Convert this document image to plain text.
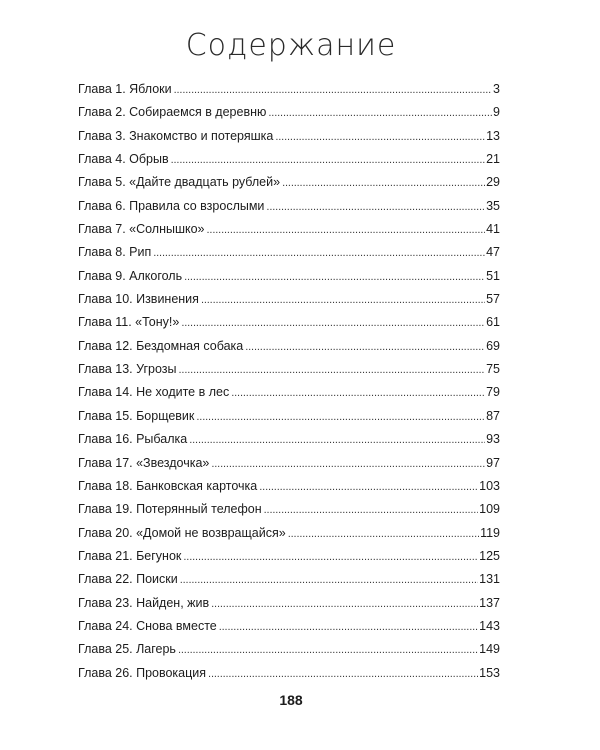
Содержание
Глава 1. Яблоки . . .	3
Глава 2. Собираемся в деревню . . .	9
Глава 3. Знакомство и потеряшка . . .	13
Глава 4. Обрыв . . .	21
Глава 5. «Дайте двадцать рублей» . . .	29
Глава 6. Правила со взрослыми . . .	35
Глава 7. «Солнышко» . . .	41
Глава 8. Рип . . .	47
Глава 9. Алкоголь . . .	51
Глава 10. Извинения . . .	57
Глава 11. «Тону!» . . .	61
Глава 12. Бездомная собака . . .	69
Глава 13. Угрозы . . .	75
Глава 14. Не ходите в лес . . .	79
Глава 15. Борщевик . . .	87
Глава 16. Рыбалка . . .	93
Глава 17. «Звездочка» . . .	97
Глава 18. Банковская карточка . . .	103
Глава 19. Потерянный телефон . . .	109
Глава 20. «Домой не возвращайся» . . .	119
Глава 21. Бегунок . . .	125
Глава 22. Поиски . . .	131
Глава 23. Найден, жив . . .	137
Глава 24. Снова вместе . . .	143
Глава 25. Лагерь . . .	149
Глава 26. Провокация . . .	153
188
